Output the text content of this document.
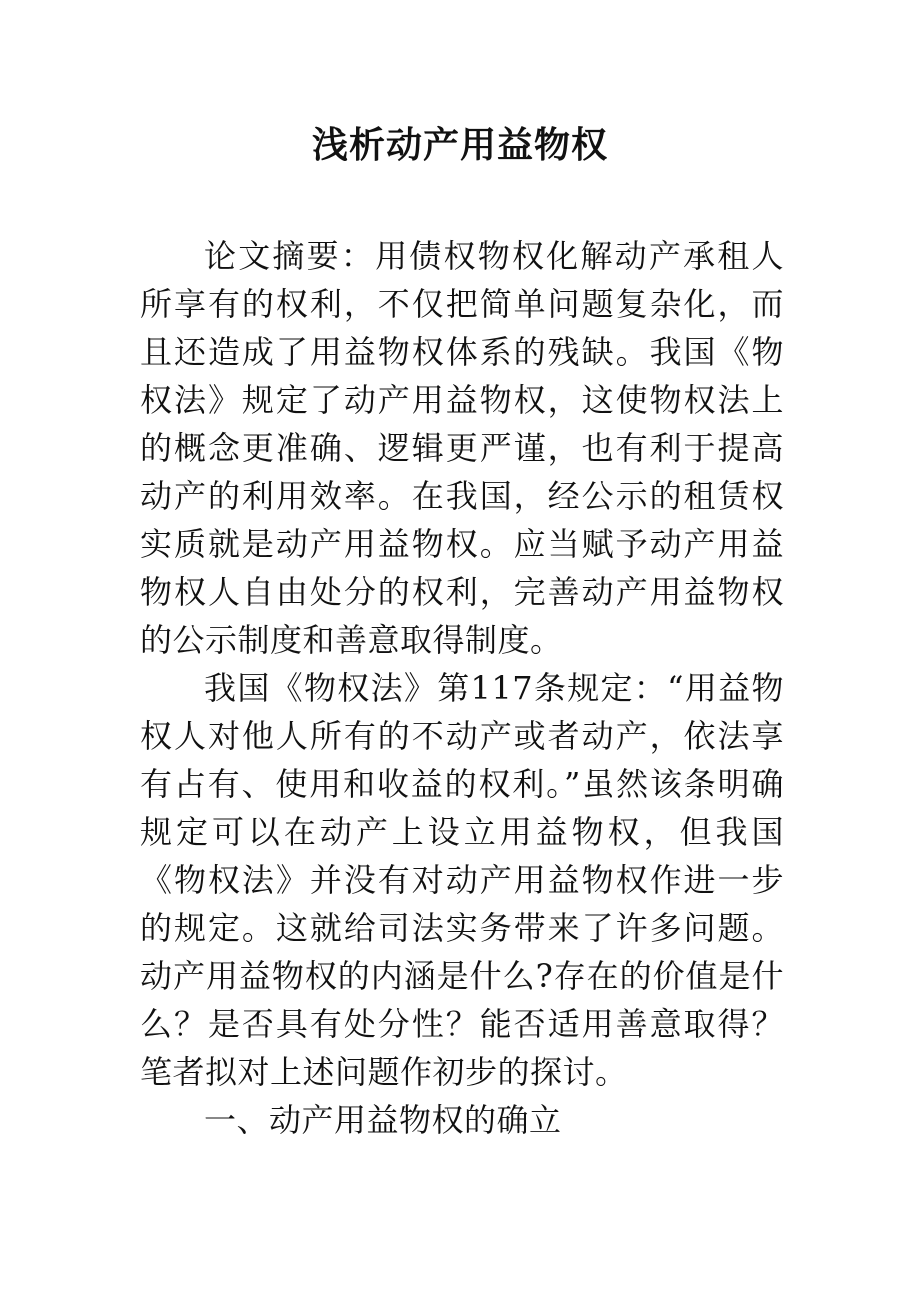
浅析动产用益物权

论文摘要：用债权物权化解动产承租人所享有的权利，不仅把简单问题复杂化，而且还造成了用益物权体系的残缺。我国《物权法》规定了动产用益物权，这使物权法上的概念更准确、逻辑更严谨，也有利于提高动产的利用效率。在我国，经公示的租赁权实质就是动产用益物权。应当赋予动产用益物权人自由处分的权利，完善动产用益物权的公示制度和善意取得制度。

我国《物权法》第117条规定：“用益物权人对他人所有的不动产或者动产，依法享有占有、使用和收益的权利。”虽然该条明确规定可以在动产上设立用益物权，但我国《物权法》并没有对动产用益物权作进一步的规定。这就给司法实务带来了许多问题。动产用益物权的内涵是什么?存在的价值是什么？是否具有处分性？能否适用善意取得？笔者拟对上述问题作初步的探讨。

一、动产用益物权的确立
